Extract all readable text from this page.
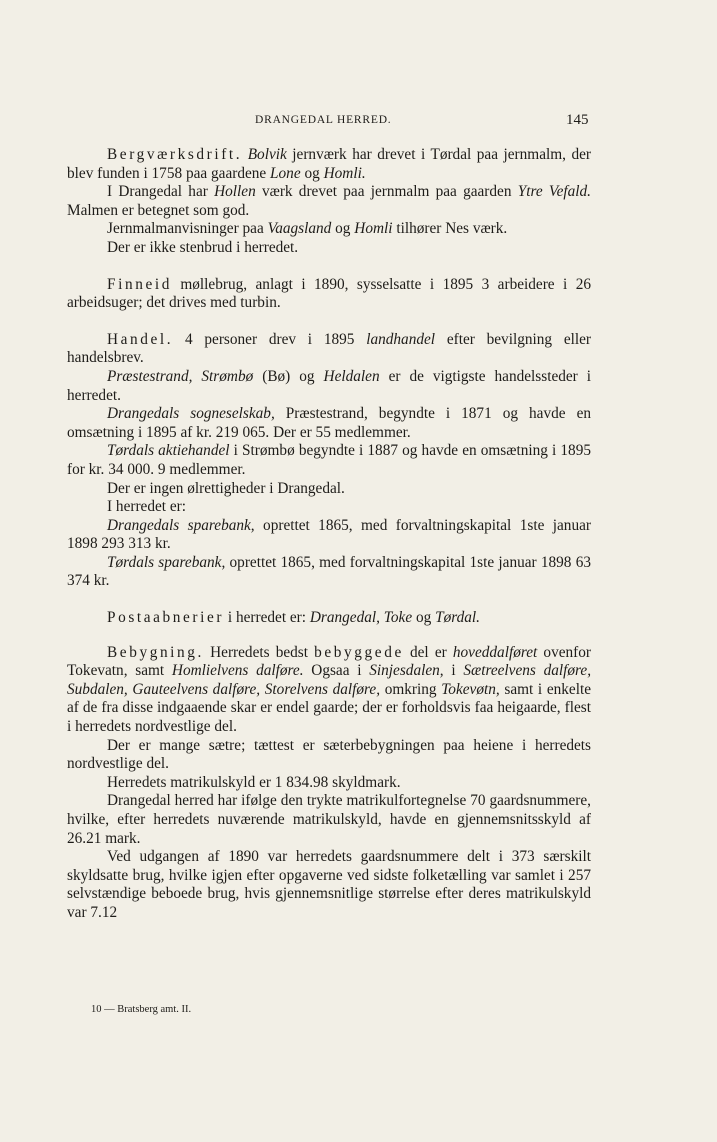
DRANGEDAL HERRED.	145

Bergværksdrift. Bolvik jernværk har drevet i Tørdal paa jernmalm, der blev funden i 1758 paa gaardene Lone og Homli.

I Drangedal har Hollen værk drevet paa jernmalm paa gaarden Ytre Vefald. Malmen er betegnet som god.

Jernmalmanvisninger paa Vaagsland og Homli tilhører Nes værk.

Der er ikke stenbrud i herredet.

Finneid møllebrug, anlagt i 1890, sysselsatte i 1895 3 arbeidere i 26 arbeidsuger; det drives med turbin.

Handel. 4 personer drev i 1895 landhandel efter bevilgning eller handelsbrev.

Præstestrand, Strømbø (Bø) og Heldalen er de vigtigste handelssteder i herredet.

Drangedals sogneselskab, Præstestrand, begyndte i 1871 og havde en omsætning i 1895 af kr. 219 065. Der er 55 medlemmer.

Tørdals aktiehandel i Strømbø begyndte i 1887 og havde en omsætning i 1895 for kr. 34 000. 9 medlemmer.

Der er ingen ølrettigheder i Drangedal.

I herredet er:

Drangedals sparebank, oprettet 1865, med forvaltningskapital 1ste januar 1898 293 313 kr.

Tørdals sparebank, oprettet 1865, med forvaltningskapital 1ste januar 1898 63 374 kr.

Postaabnerier i herredet er: Drangedal, Toke og Tørdal.

Bebygning. Herredets bedst bebyggede del er hoveddalføret ovenfor Tokevatn, samt Homlielvens dalføre. Ogsaa i Sinjesdalen, i Sætreelvens dalføre, Subdalen, Gauteelvens dalføre, Storelvens dalføre, omkring Tokevøtn, samt i enkelte af de fra disse indgaaende skar er endel gaarde; der er forholdsvis faa heigaarde, flest i herredets nordvestlige del.

Der er mange sætre; tættest er sæterbebygningen paa heiene i herredets nordvestlige del.

Herredets matrikulskyld er 1 834.98 skyldmark.

Drangedal herred har ifølge den trykte matrikulfortegnelse 70 gaardsnummere, hvilke, efter herredets nuværende matrikulskyld, havde en gjennemsnitsskyld af 26.21 mark.

Ved udgangen af 1890 var herredets gaardsnummere delt i 373 særskilt skyldsatte brug, hvilke igjen efter opgaverne ved sidste folketælling var samlet i 257 selvstændige beboede brug, hvis gjennemsnitlige størrelse efter deres matrikulskyld var 7.12

10 — Bratsberg amt. II.
